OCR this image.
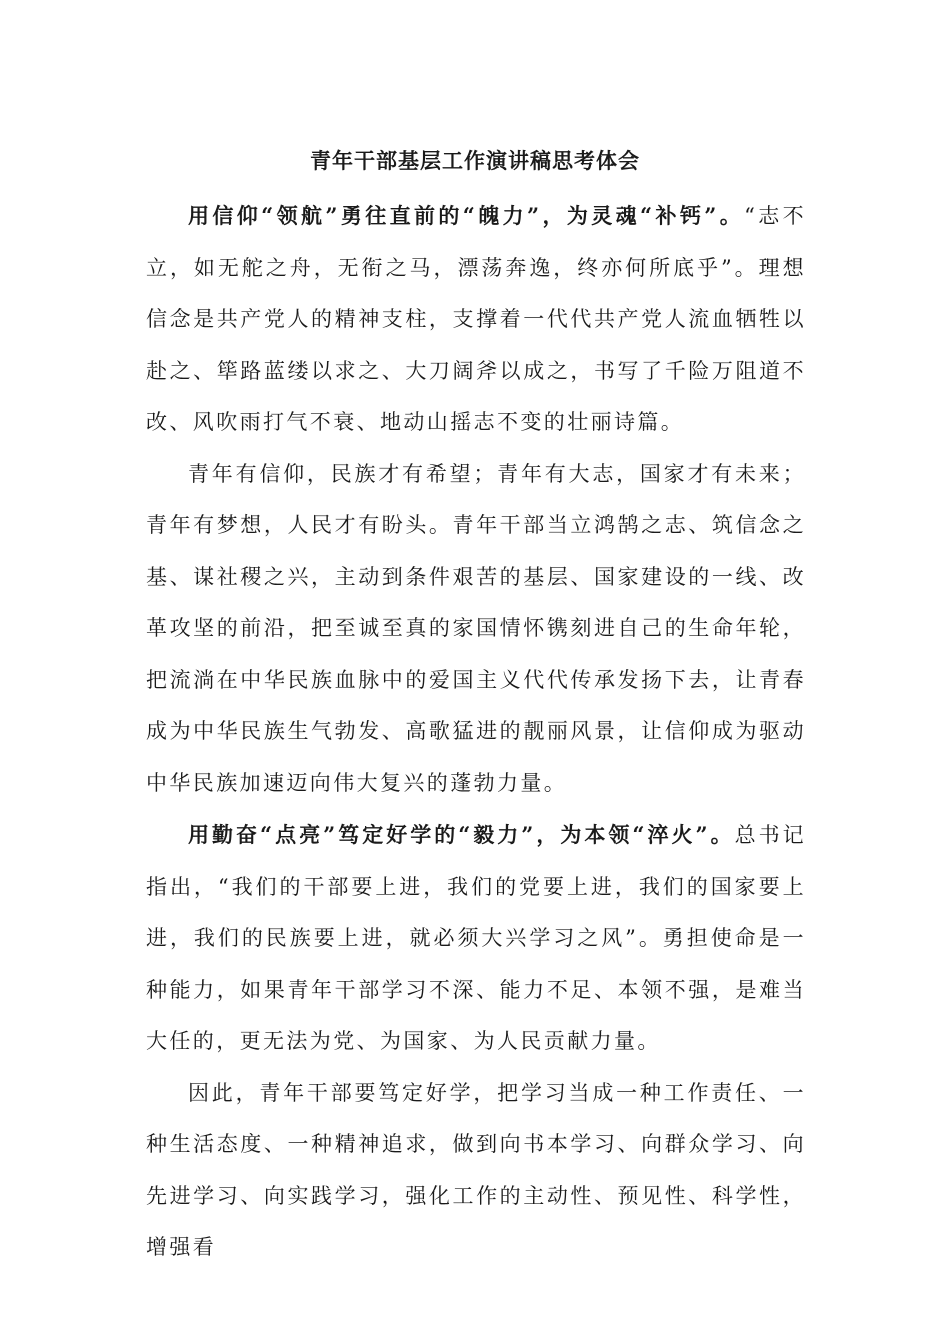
青年干部基层工作演讲稿思考体会

用信仰“领航”勇往直前的“魄力”，为灵魂“补钙”。“志不立，如无舵之舟，无衔之马，漂荡奔逸，终亦何所底乎”。理想信念是共产党人的精神支柱，支撑着一代代共产党人流血牺牲以赴之、筚路蓝缕以求之、大刀阔斧以成之，书写了千险万阻道不改、风吹雨打气不衰、地动山摇志不变的壮丽诗篇。

青年有信仰，民族才有希望；青年有大志，国家才有未来；青年有梦想，人民才有盼头。青年干部当立鸿鹄之志、筑信念之基、谋社稷之兴，主动到条件艰苦的基层、国家建设的一线、改革攻坚的前沿，把至诚至真的家国情怀镌刻进自己的生命年轮，把流淌在中华民族血脉中的爱国主义代代传承发扬下去，让青春成为中华民族生气勃发、高歌猛进的靓丽风景，让信仰成为驱动中华民族加速迈向伟大复兴的蓬勃力量。

用勤奋“点亮”笃定好学的“毅力”，为本领“淬火”。总书记指出，“我们的干部要上进，我们的党要上进，我们的国家要上进，我们的民族要上进，就必须大兴学习之风”。勇担使命是一种能力，如果青年干部学习不深、能力不足、本领不强，是难当大任的，更无法为党、为国家、为人民贡献力量。

因此，青年干部要笃定好学，把学习当成一种工作责任、一种生活态度、一种精神追求，做到向书本学习、向群众学习、向先进学习、向实践学习，强化工作的主动性、预见性、科学性，增强看
